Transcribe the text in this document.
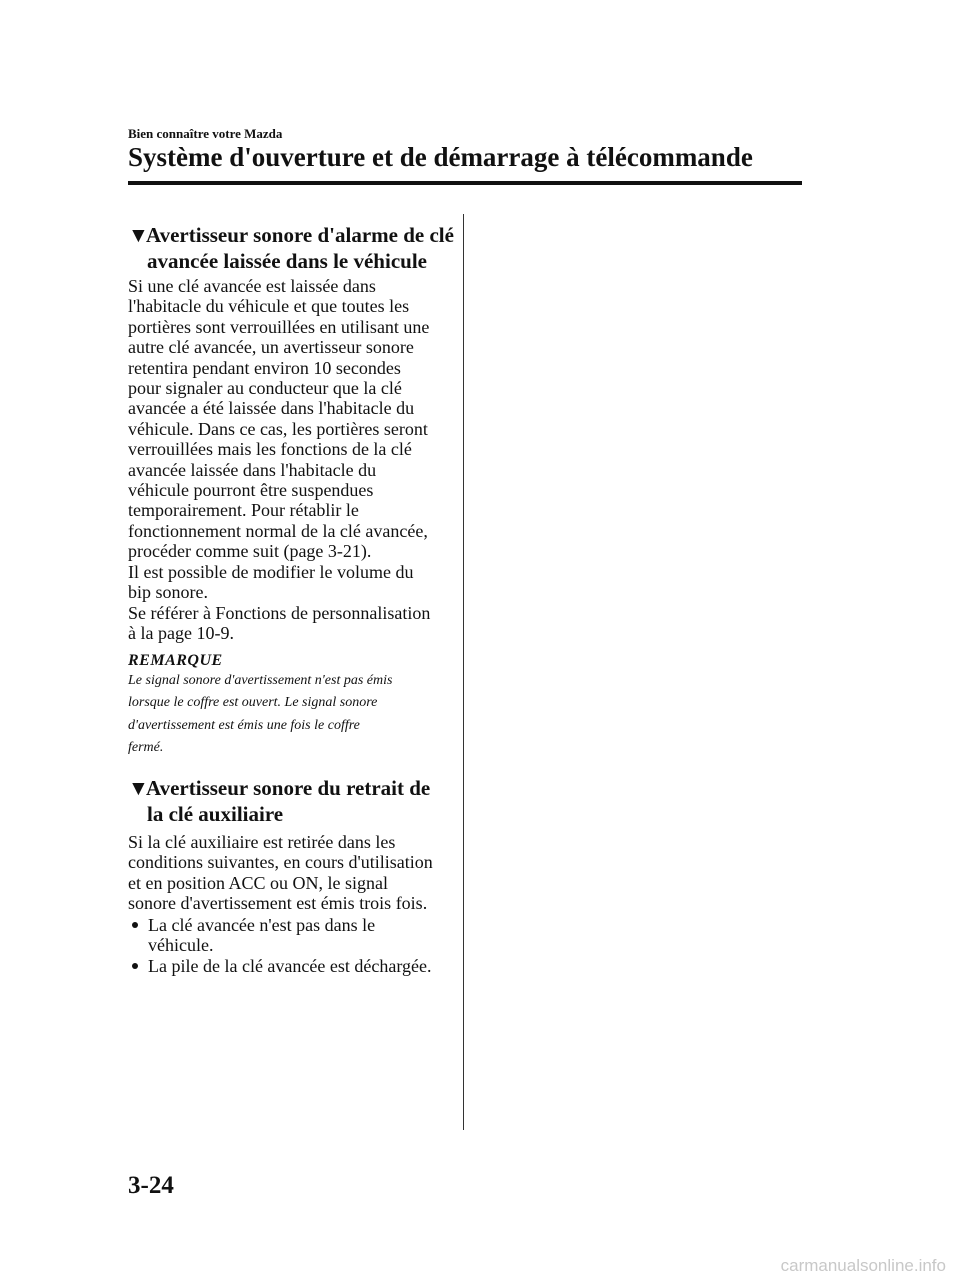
Bien connaître votre Mazda
Système d'ouverture et de démarrage à télécommande
▼Avertisseur sonore d'alarme de clé
avancée laissée dans le véhicule
Si une clé avancée est laissée dans
l'habitacle du véhicule et que toutes les
portières sont verrouillées en utilisant une
autre clé avancée, un avertisseur sonore
retentira pendant environ 10 secondes
pour signaler au conducteur que la clé
avancée a été laissée dans l'habitacle du
véhicule. Dans ce cas, les portières seront
verrouillées mais les fonctions de la clé
avancée laissée dans l'habitacle du
véhicule pourront être suspendues
temporairement. Pour rétablir le
fonctionnement normal de la clé avancée,
procéder comme suit (page 3-21).
Il est possible de modifier le volume du
bip sonore.
Se référer à Fonctions de personnalisation
à la page 10-9.
REMARQUE
Le signal sonore d'avertissement n'est pas émis
lorsque le coffre est ouvert. Le signal sonore
d'avertissement est émis une fois le coffre
fermé.
▼Avertisseur sonore du retrait de
la clé auxiliaire
Si la clé auxiliaire est retirée dans les
conditions suivantes, en cours d'utilisation
et en position ACC ou ON, le signal
sonore d'avertissement est émis trois fois.
La clé avancée n'est pas dans le
véhicule.
La pile de la clé avancée est déchargée.
3-24
carmanualsonline.info
